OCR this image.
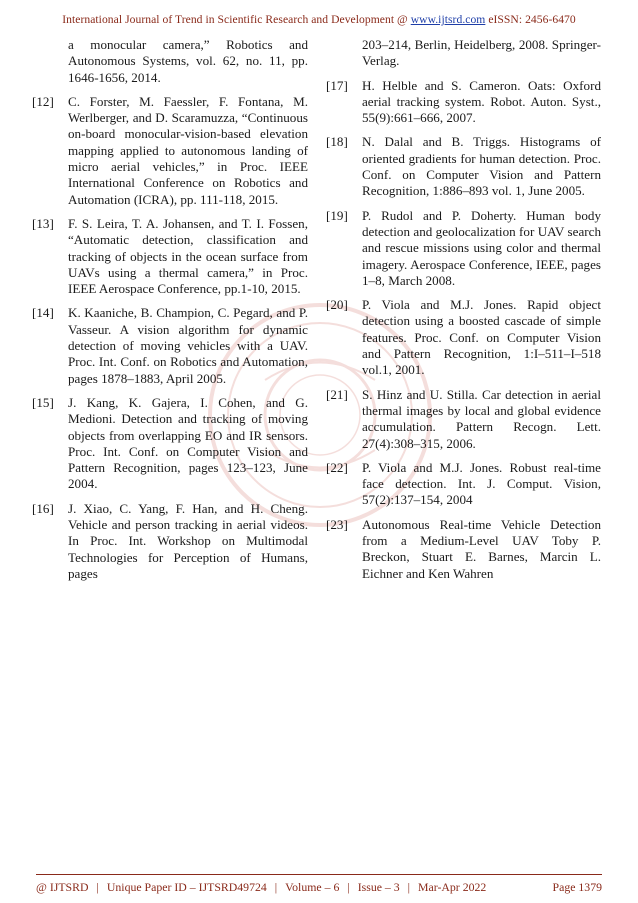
International Journal of Trend in Scientific Research and Development @ www.ijtsrd.com eISSN: 2456-6470
a monocular camera,” Robotics and Autonomous Systems, vol. 62, no. 11, pp. 1646-1656, 2014.
[12]	C. Forster, M. Faessler, F. Fontana, M. Werlberger, and D. Scaramuzza, “Continuous on-board monocular-vision-based elevation mapping applied to autonomous landing of micro aerial vehicles,” in Proc. IEEE International Conference on Robotics and Automation (ICRA), pp. 111-118, 2015.
[13]	F. S. Leira, T. A. Johansen, and T. I. Fossen, “Automatic detection, classification and tracking of objects in the ocean surface from UAVs using a thermal camera,” in Proc. IEEE Aerospace Conference, pp.1-10, 2015.
[14]	K. Kaaniche, B. Champion, C. Pegard, and P. Vasseur. A vision algorithm for dynamic detection of moving vehicles with a UAV. Proc. Int. Conf. on Robotics and Automation, pages 1878–1883, April 2005.
[15]	J. Kang, K. Gajera, I. Cohen, and G. Medioni. Detection and tracking of moving objects from overlapping EO and IR sensors. Proc. Int. Conf. on Computer Vision and Pattern Recognition, pages 123–123, June 2004.
[16]	J. Xiao, C. Yang, F. Han, and H. Cheng. Vehicle and person tracking in aerial videos. In Proc. Int. Workshop on Multimodal Technologies for Perception of Humans, pages
203–214, Berlin, Heidelberg, 2008. Springer-Verlag.
[17]	H. Helble and S. Cameron. Oats: Oxford aerial tracking system. Robot. Auton. Syst., 55(9):661–666, 2007.
[18]	N. Dalal and B. Triggs. Histograms of oriented gradients for human detection. Proc. Conf. on Computer Vision and Pattern Recognition, 1:886–893 vol. 1, June 2005.
[19]	P. Rudol and P. Doherty. Human body detection and geolocalization for UAV search and rescue missions using color and thermal imagery. Aerospace Conference, IEEE, pages 1–8, March 2008.
[20]	P. Viola and M.J. Jones. Rapid object detection using a boosted cascade of simple features. Proc. Conf. on Computer Vision and Pattern Recognition, 1:I–511–I–518 vol.1, 2001.
[21]	S. Hinz and U. Stilla. Car detection in aerial thermal images by local and global evidence accumulation. Pattern Recogn. Lett. 27(4):308–315, 2006.
[22]	P. Viola and M.J. Jones. Robust real-time face detection. Int. J. Comput. Vision, 57(2):137–154, 2004
[23]	Autonomous Real-time Vehicle Detection from a Medium-Level UAV Toby P. Breckon, Stuart E. Barnes, Marcin L. Eichner and Ken Wahren
@ IJTSRD | Unique Paper ID – IJTSRD49724 | Volume – 6 | Issue – 3 | Mar-Apr 2022	Page 1379
